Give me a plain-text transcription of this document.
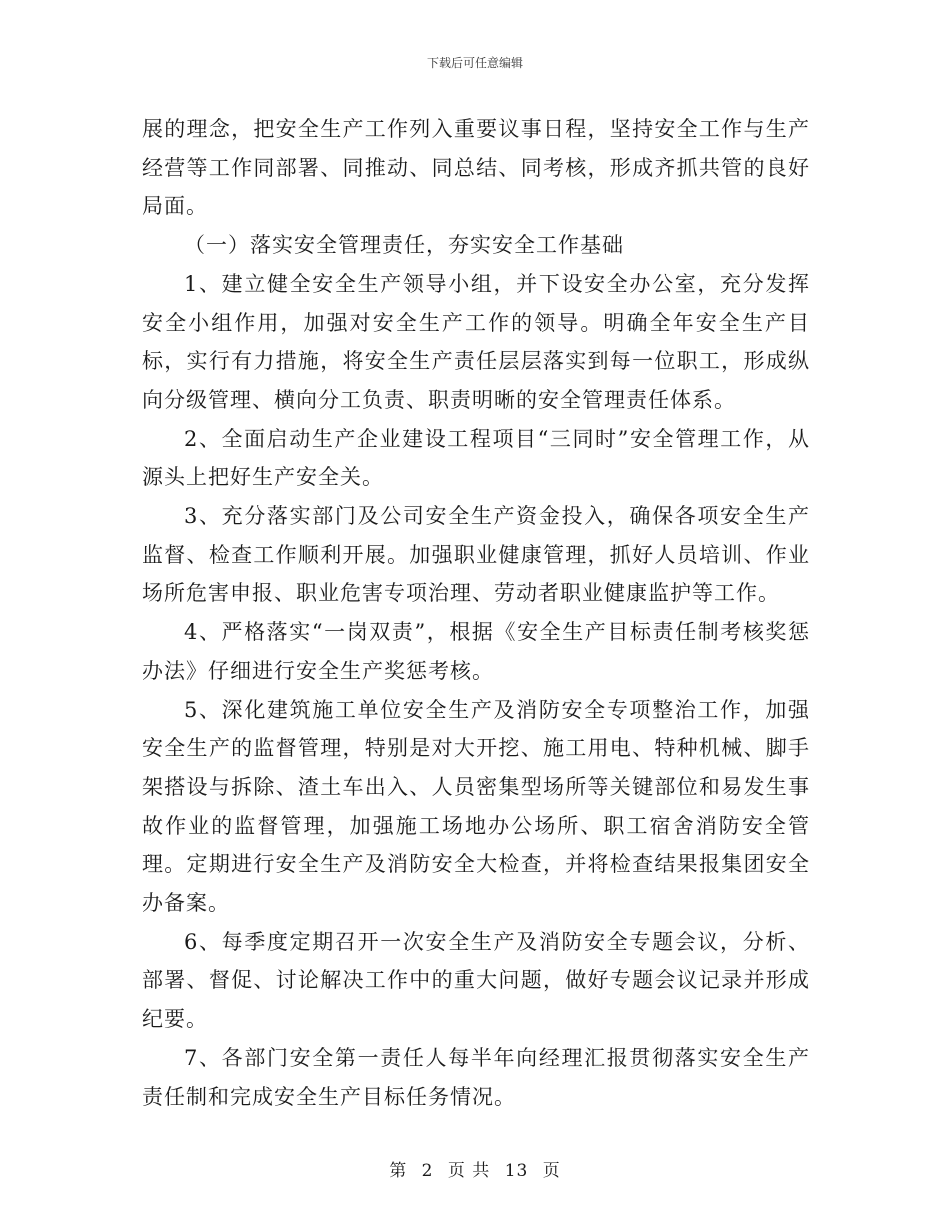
下载后可任意编辑

展的理念，把安全生产工作列入重要议事日程，坚持安全工作与生产经营等工作同部署、同推动、同总结、同考核，形成齐抓共管的良好局面。

（一）落实安全管理责任，夯实安全工作基础

1、建立健全安全生产领导小组，并下设安全办公室，充分发挥安全小组作用，加强对安全生产工作的领导。明确全年安全生产目标，实行有力措施，将安全生产责任层层落实到每一位职工，形成纵向分级管理、横向分工负责、职责明晰的安全管理责任体系。

2、全面启动生产企业建设工程项目“三同时”安全管理工作，从源头上把好生产安全关。

3、充分落实部门及公司安全生产资金投入，确保各项安全生产监督、检查工作顺利开展。加强职业健康管理，抓好人员培训、作业场所危害申报、职业危害专项治理、劳动者职业健康监护等工作。

4、严格落实“一岗双责”，根据《安全生产目标责任制考核奖惩办法》仔细进行安全生产奖惩考核。

5、深化建筑施工单位安全生产及消防安全专项整治工作，加强安全生产的监督管理，特别是对大开挖、施工用电、特种机械、脚手架搭设与拆除、渣土车出入、人员密集型场所等关键部位和易发生事故作业的监督管理，加强施工场地办公场所、职工宿舍消防安全管理。定期进行安全生产及消防安全大检查，并将检查结果报集团安全办备案。

6、每季度定期召开一次安全生产及消防安全专题会议，分析、部署、督促、讨论解决工作中的重大问题，做好专题会议记录并形成纪要。

7、各部门安全第一责任人每半年向经理汇报贯彻落实安全生产责任制和完成安全生产目标任务情况。

第 2 页 共 13 页
